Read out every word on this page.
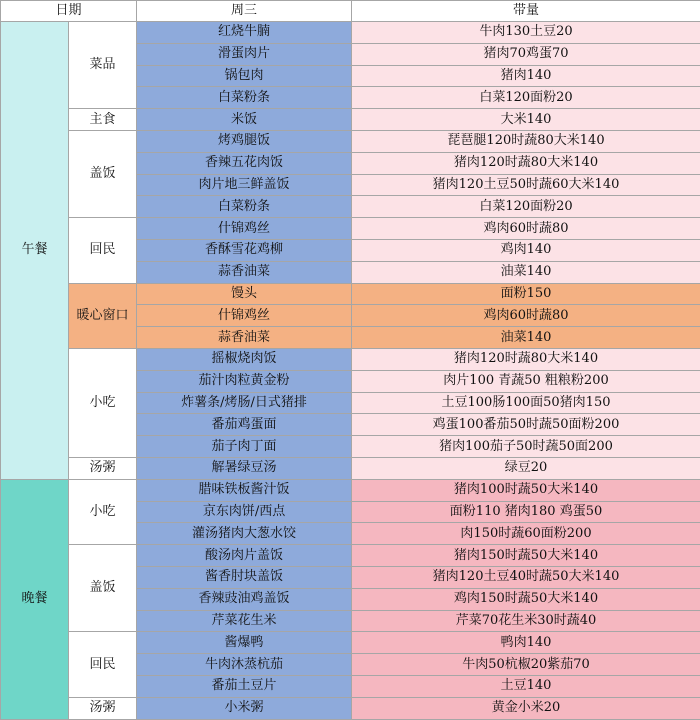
日期		周三	带量
午餐	菜品	红烧牛腩	牛肉130土豆20
		滑蛋肉片	猪肉70鸡蛋70
		锅包肉	猪肉140
		白菜粉条	白菜120面粉20
	主食	米饭	大米140
	盖饭	烤鸡腿饭	琵琶腿120时蔬80大米140
		香辣五花肉饭	猪肉120时蔬80大米140
		肉片地三鲜盖饭	猪肉120土豆50时蔬60大米140
		白菜粉条	白菜120面粉20
	回民	什锦鸡丝	鸡肉60时蔬80
		香酥雪花鸡柳	鸡肉140
		蒜香油菜	油菜140
	暖心窗口	馒头	面粉150
		什锦鸡丝	鸡肉60时蔬80
		蒜香油菜	油菜140
	小吃	摇椒烧肉饭	猪肉120时蔬80大米140
		茄汁肉粒黄金粉	肉片100 青蔬50 粗粮粉200
		炸薯条/烤肠/日式猪排	土豆100肠100面50猪肉150
		番茄鸡蛋面	鸡蛋100番茄50时蔬50面粉200
		茄子肉丁面	猪肉100茄子50时蔬50面200
	汤粥	解暑绿豆汤	绿豆20
晚餐	小吃	腊味铁板酱汁饭	猪肉100时蔬50大米140
		京东肉饼/西点	面粉110 猪肉180 鸡蛋50
		灌汤猪肉大葱水饺	肉150时蔬60面粉200
	盖饭	酸汤肉片盖饭	猪肉150时蔬50大米140
		酱香肘块盖饭	猪肉120土豆40时蔬50大米140
		香辣豉油鸡盖饭	鸡肉150时蔬50大米140
		芹菜花生米	芹菜70花生米30时蔬40
	回民	酱爆鸭	鸭肉140
		牛肉沐蒸杭茄	牛肉50杭椒20紫茄70
		番茄土豆片	土豆140
	汤粥	小米粥	黄金小米20
